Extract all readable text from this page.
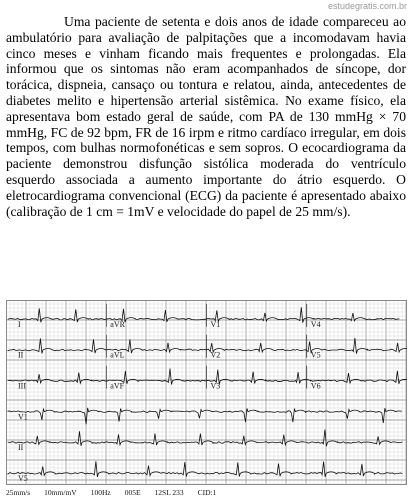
estudegratis.com.br

Uma paciente de setenta e dois anos de idade compareceu ao ambulatório para avaliação de palpitações que a incomodavam havia cinco meses e vinham ficando mais frequentes e prolongadas. Ela informou que os sintomas não eram acompanhados de síncope, dor torácica, dispneia, cansaço ou tontura e relatou, ainda, antecedentes de diabetes melito e hipertensão arterial sistêmica. No exame físico, ela apresentava bom estado geral de saúde, com PA de 130 mmHg × 70 mmHg, FC de 92 bpm, FR de 16 irpm e ritmo cardíaco irregular, em dois tempos, com bulhas normofonéticas e sem sopros. O ecocardiograma da paciente demonstrou disfunção sistólica moderada do ventrículo esquerdo associada a aumento importante do átrio esquerdo. O eletrocardiograma convencional (ECG) da paciente é apresentado abaixo (calibração de 1 cm = 1mV e velocidade do papel de 25 mm/s).

I	aVR	V1	V4
II	aVL	V2	V5
III	aVF	V3	V6
V1
II
V5
25mm/s 10mm/mV 100Hz 005E 12SL 233 CID:1
